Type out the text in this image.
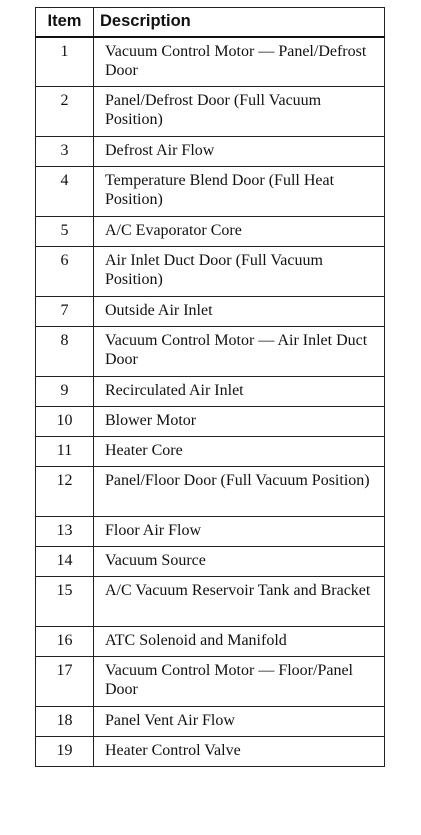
Item	Description
1	Vacuum Control Motor — Panel/Defrost Door
2	Panel/Defrost Door (Full Vacuum Position)
3	Defrost Air Flow
4	Temperature Blend Door (Full Heat Position)
5	A/C Evaporator Core
6	Air Inlet Duct Door (Full Vacuum Position)
7	Outside Air Inlet
8	Vacuum Control Motor — Air Inlet Duct Door
9	Recirculated Air Inlet
10	Blower Motor
11	Heater Core
12	Panel/Floor Door (Full Vacuum Position)
13	Floor Air Flow
14	Vacuum Source
15	A/C Vacuum Reservoir Tank and Bracket
16	ATC Solenoid and Manifold
17	Vacuum Control Motor — Floor/Panel Door
18	Panel Vent Air Flow
19	Heater Control Valve
